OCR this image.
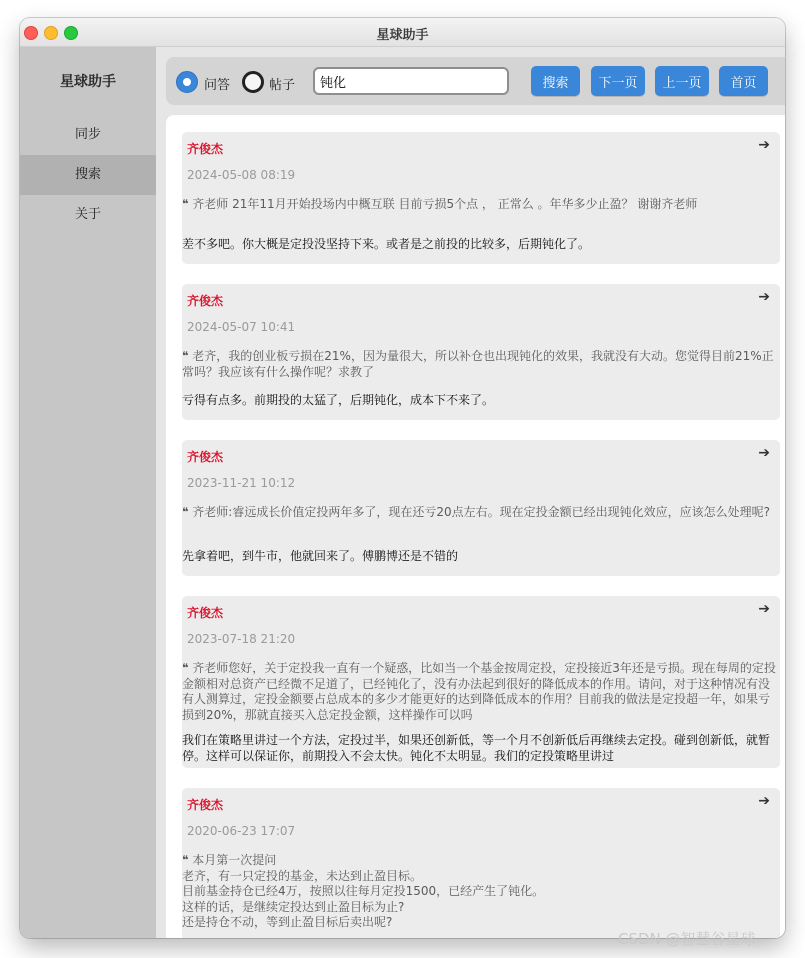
星球助手
星球助手
同步
搜索
关于
问答	帖子
钝化	搜索	下一页	上一页	首页
齐俊杰	➔
2024-05-08 08:19
❝ 齐老师 21年11月开始投场内中概互联 目前亏损5个点 ， 正常么 。年华多少止盈？ 谢谢齐老师
差不多吧。你大概是定投没坚持下来。或者是之前投的比较多，后期钝化了。
齐俊杰	➔
2024-05-07 10:41
❝ 老齐，我的创业板亏损在21%，因为量很大，所以补仓也出现钝化的效果，我就没有大动。您觉得目前21%正常吗？我应该有什么操作呢？求教了
亏得有点多。前期投的太猛了，后期钝化，成本下不来了。
齐俊杰	➔
2023-11-21 10:12
❝ 齐老师:睿远成长价值定投两年多了，现在还亏20点左右。现在定投金额已经出现钝化效应，应该怎么处理呢?
先拿着吧，到牛市，他就回来了。傅鹏博还是不错的
齐俊杰	➔
2023-07-18 21:20
❝ 齐老师您好，关于定投我一直有一个疑惑，比如当一个基金按周定投，定投接近3年还是亏损。现在每周的定投金额相对总资产已经微不足道了，已经钝化了，没有办法起到很好的降低成本的作用。请问，对于这种情况有没有人测算过，定投金额要占总成本的多少才能更好的达到降低成本的作用？目前我的做法是定投超一年，如果亏损到20%，那就直接买入总定投金额，这样操作可以吗
我们在策略里讲过一个方法，定投过半，如果还创新低，等一个月不创新低后再继续去定投。碰到创新低，就暂停。这样可以保证你，前期投入不会太快。钝化不太明显。我们的定投策略里讲过
齐俊杰	➔
2020-06-23 17:07
❝ 本月第一次提问
老齐，有一只定投的基金，未达到止盈目标。
目前基金持仓已经4万，按照以往每月定投1500，已经产生了钝化。
这样的话，是继续定投达到止盈目标为止?
还是持仓不动，等到止盈目标后卖出呢?
CSDN @智慧谷星球
